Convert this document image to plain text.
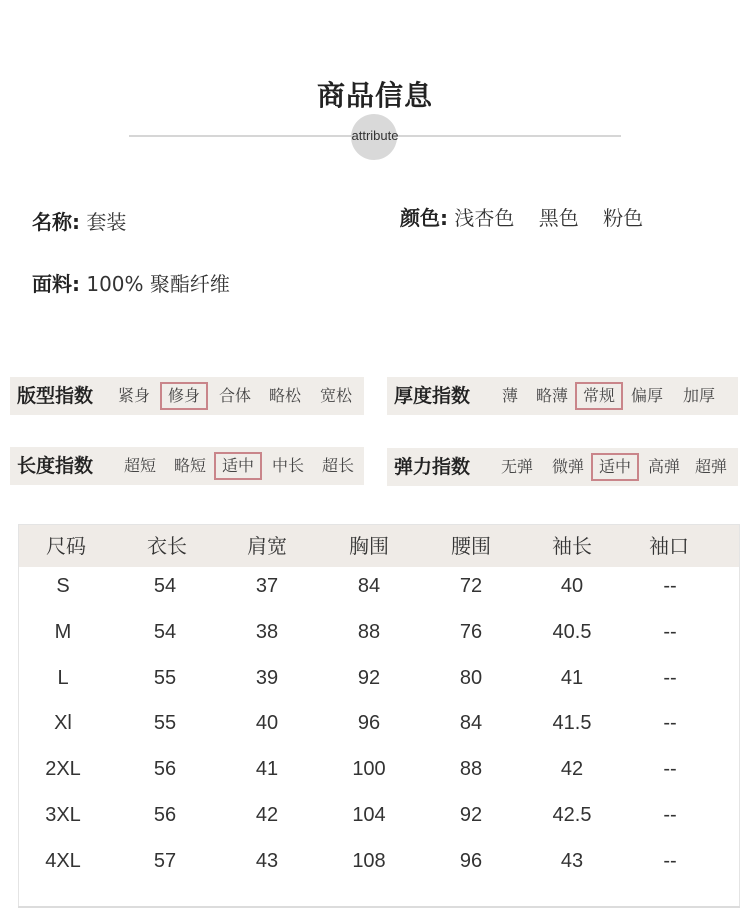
商品信息
attribute
名称: 套装	颜色: 浅杏色 黑色 粉色
面料: 100% 聚酯纤维
版型指数 紧身	修身	合体 略松 宽松 厚度指数	薄	略薄 常规 偏厚 加厚
长度指数 超短 略短 适中	中长 超长 弹力指数 无弹 微弹 适中	高弹 超弹
尺码	衣长	肩宽	胸围	腰围	袖长	袖口
S	54	37	84	72	40	--
M	54	38	88	76	40.5	--
L	55	39	92	80	41	--
Xl	55	40	96	84	41.5	--
2XL	56	41	100	88	42	--
3XL	56	42	104	92	42.5	--
4XL	57	43	108	96	43	--
